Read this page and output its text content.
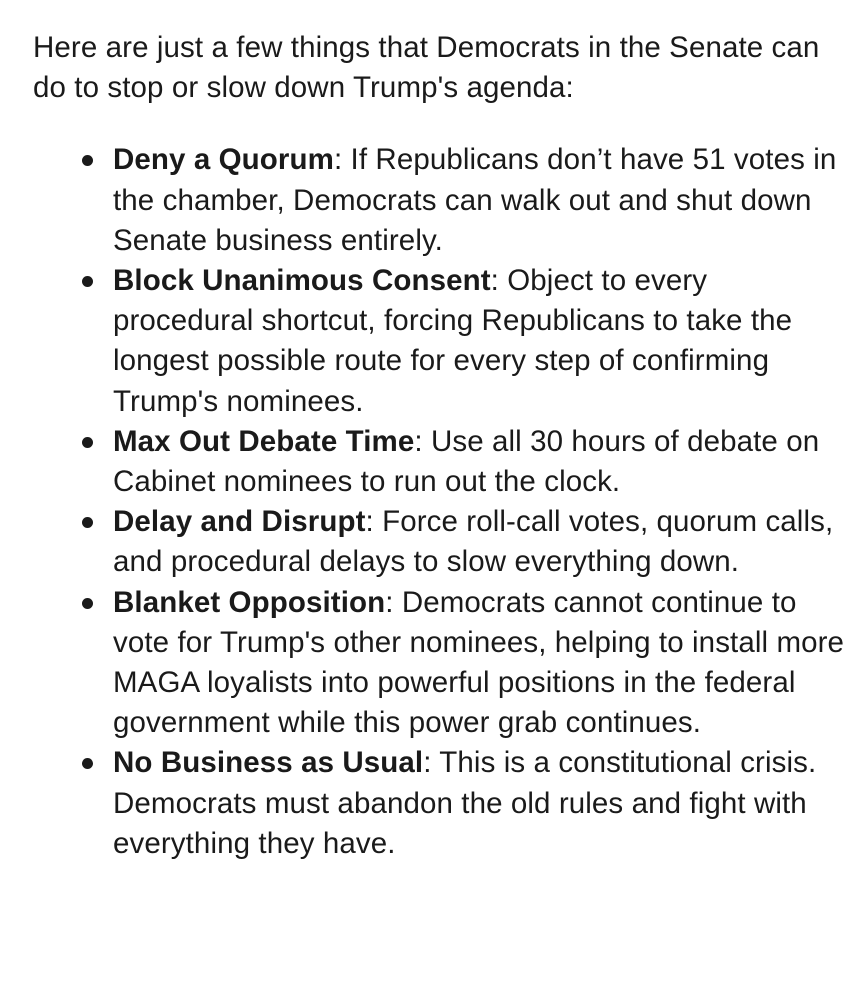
Here are just a few things that Democrats in the Senate can do to stop or slow down Trump's agenda:

Deny a Quorum: If Republicans don’t have 51 votes in the chamber, Democrats can walk out and shut down Senate business entirely.
Block Unanimous Consent: Object to every procedural shortcut, forcing Republicans to take the longest possible route for every step of confirming Trump's nominees.
Max Out Debate Time: Use all 30 hours of debate on Cabinet nominees to run out the clock.
Delay and Disrupt: Force roll-call votes, quorum calls, and procedural delays to slow everything down.
Blanket Opposition: Democrats cannot continue to vote for Trump's other nominees, helping to install more MAGA loyalists into powerful positions in the federal government while this power grab continues.
No Business as Usual: This is a constitutional crisis. Democrats must abandon the old rules and fight with everything they have.
